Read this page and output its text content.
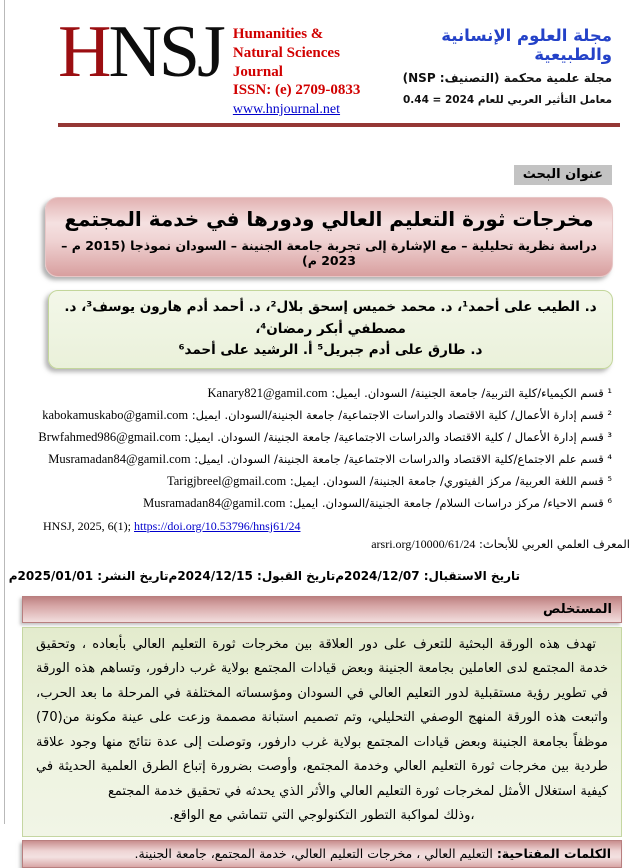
HNSJ Humanities & Natural Sciences Journal
ISSN: (e) 2709-0833
www.hnjournal.net
مجلة العلوم الإنسانية والطبيعية
مجلة علمية محكمة (التصنيف: NSP)
معامل التأثير العربي للعام 2024 = 0.44
عنوان البحث
مخرجات ثورة التعليم العالي ودورها في خدمة المجتمع
دراسة نظرية تحليلية – مع الإشارة إلى تجربة جامعة الجنينة – السودان نموذجا (2015 م – 2023 م)
د. الطيب على أحمد¹، د. محمد خميس إسحق بلال²، د. أحمد أدم هارون يوسف³، د. مصطفي أبكر رمضان⁴،
د. طارق على أدم جبريل⁵ أ. الرشيد على أحمد⁶
¹ قسم الكيمياء/كلية التربية/ جامعة الجنينة/ السودان. ايميل: Kanary821@gamil.com
² قسم إدارة الأعمال/ كلية الاقتصاد والدراسات الاجتماعية/ جامعة الجنينة/السودان. ايميل: kabokamuskabo@gamil.com
³ قسم إدارة الأعمال / كلية الاقتصاد والدراسات الاجتماعية/ جامعة الجنينة/ السودان. ايميل: Brwfahmed986@gmail.com
⁴ قسم علم الاجتماع/كلية الاقتصاد والدراسات الاجتماعية/ جامعة الجنينة/ السودان. ايميل: Musramadan84@gamil.com
⁵ قسم اللغة العربية/ مركز الفيتوري/ جامعة الجنينة/ السودان. ايميل: Tarigjbreel@gmail.com
⁶ قسم الاحياء/ مركز دراسات السلام/ جامعة الجنينة/السودان. ايميل: Musramadan84@gamil.com
HNSJ, 2025, 6(1); https://doi.org/10.53796/hnsj61/24
المعرف العلمي العربي للأبحاث: arsri.org/10000/61/24
تاريخ الاستقبال: 2024/12/07م
تاريخ القبول: 2024/12/15م
تاريخ النشر: 2025/01/01م
المستخلص
تهدف هذه الورقة البحثية للتعرف على دور العلاقة بين مخرجات ثورة التعليم العالي بأبعاده ، وتحقيق خدمة المجتمع لدى العاملين بجامعة الجنينة وبعض قيادات المجتمع بولاية غرب دارفور، وتساهم هذه الورقة في تطوير رؤية مستقبلية لدور التعليم العالي في السودان ومؤسساته المختلفة في المرحلة ما بعد الحرب، واتبعت هذه الورقة المنهج الوصفي التحليلي، وتم تصميم استبانة مصممة وزعت على عينة مكونة من(70) موظفاً بجامعة الجنينة وبعض قيادات المجتمع بولاية غرب دارفور، وتوصلت إلى عدة نتائج منها وجود علاقة طردية بين مخرجات ثورة التعليم العالي وخدمة المجتمع، وأوصت بضرورة إتباع الطرق العلمية الحديثة في كيفية استغلال الأمثل لمخرجات ثورة التعليم العالي والأثر الذي يحدثه في تحقيق خدمة المجتمع
،وذلك لمواكبة التطور التكنولوجي التي تتماشي مع الواقع.
الكلمات المفتاحية: التعليم العالي ، مخرجات التعليم العالي، خدمة المجتمع، جامعة الجنينة.
